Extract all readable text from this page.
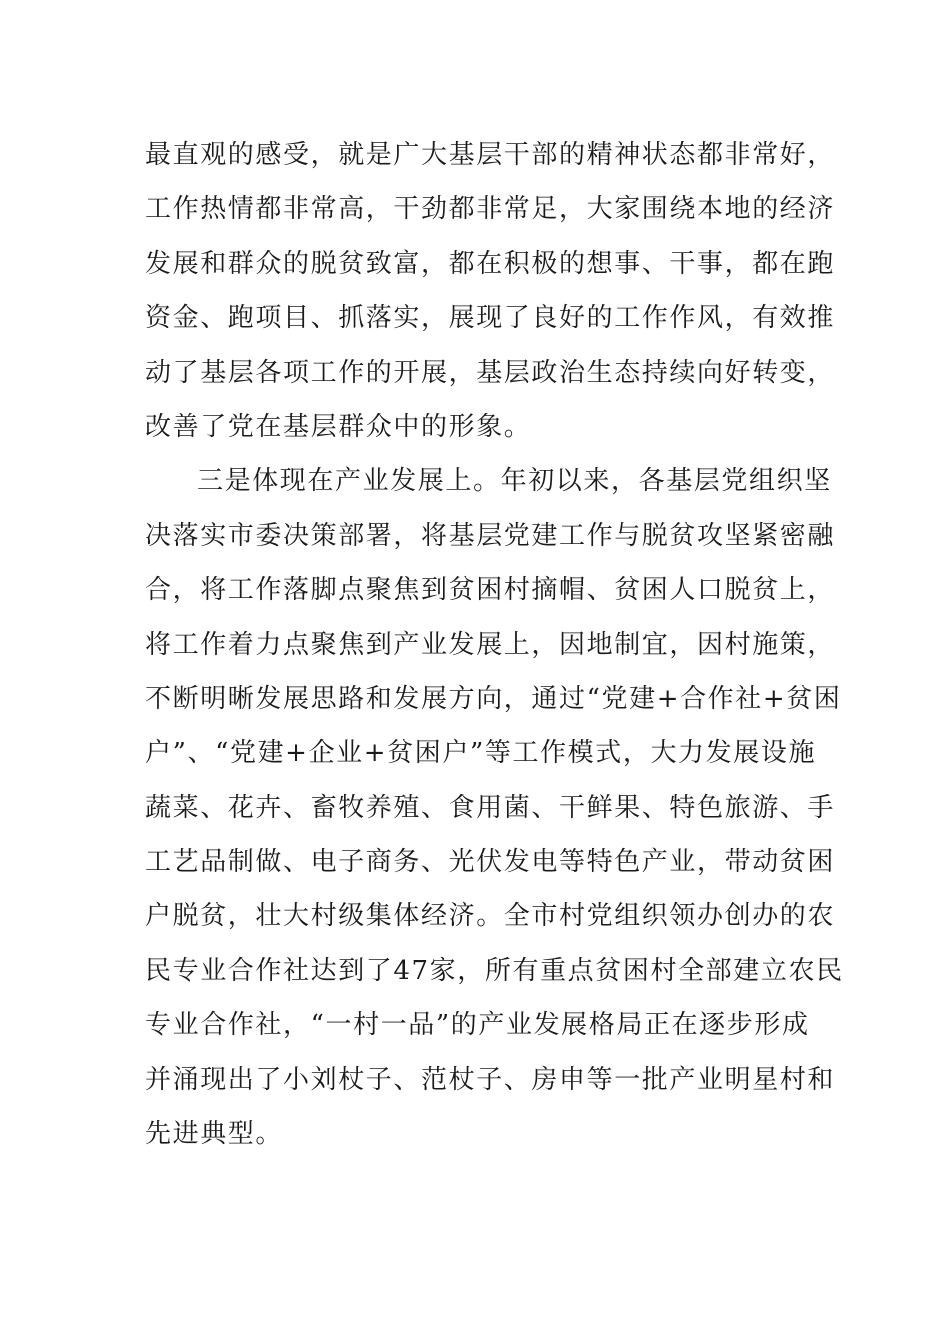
最直观的感受，就是广大基层干部的精神状态都非常好，
工作热情都非常高，干劲都非常足，大家围绕本地的经济
发展和群众的脱贫致富，都在积极的想事、干事，都在跑
资金、跑项目、抓落实，展现了良好的工作作风，有效推
动了基层各项工作的开展，基层政治生态持续向好转变，
改善了党在基层群众中的形象。
三是体现在产业发展上。年初以来，各基层党组织坚
决落实市委决策部署，将基层党建工作与脱贫攻坚紧密融
合，将工作落脚点聚焦到贫困村摘帽、贫困人口脱贫上，
将工作着力点聚焦到产业发展上，因地制宜，因村施策，
不断明晰发展思路和发展方向，通过“党建+合作社+贫困
户”、“党建+企业+贫困户”等工作模式，大力发展设施
蔬菜、花卉、畜牧养殖、食用菌、干鲜果、特色旅游、手
工艺品制做、电子商务、光伏发电等特色产业，带动贫困
户脱贫，壮大村级集体经济。全市村党组织领办创办的农
民专业合作社达到了47家，所有重点贫困村全部建立农民
专业合作社，“一村一品”的产业发展格局正在逐步形成
并涌现出了小刘杖子、范杖子、房申等一批产业明星村和
先进典型。
